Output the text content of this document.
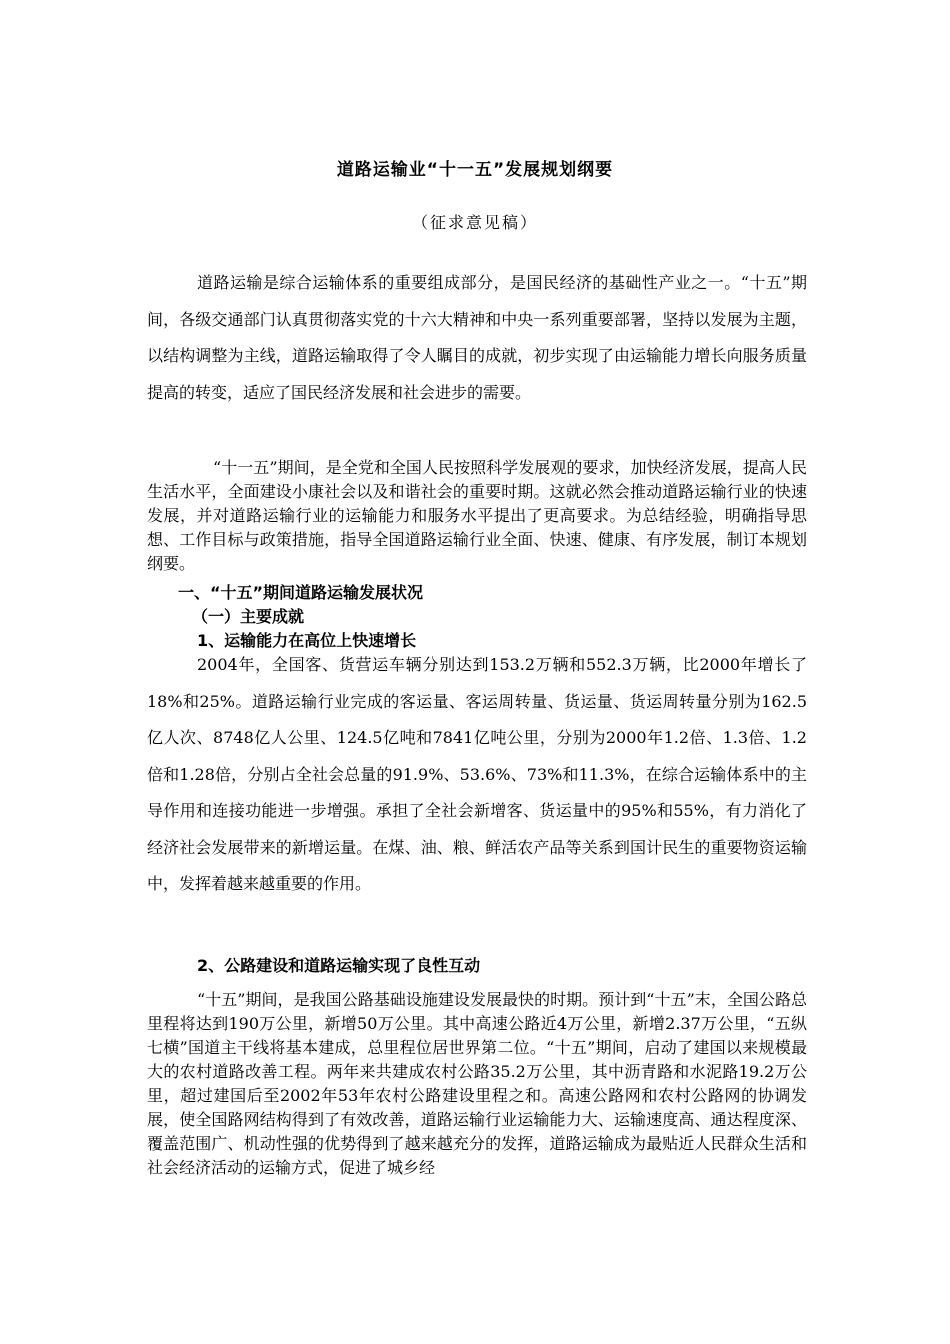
道路运输业“十一五”发展规划纲要
（征求意见稿）

道路运输是综合运输体系的重要组成部分，是国民经济的基础性产业之一。“十五”期间，各级交通部门认真贯彻落实党的十六大精神和中央一系列重要部署，坚持以发展为主题，以结构调整为主线，道路运输取得了令人瞩目的成就，初步实现了由运输能力增长向服务质量提高的转变，适应了国民经济发展和社会进步的需要。

“十一五”期间，是全党和全国人民按照科学发展观的要求，加快经济发展，提高人民生活水平，全面建设小康社会以及和谐社会的重要时期。这就必然会推动道路运输行业的快速发展，并对道路运输行业的运输能力和服务水平提出了更高要求。为总结经验，明确指导思想、工作目标与政策措施，指导全国道路运输行业全面、快速、健康、有序发展，制订本规划纲要。

一、“十五”期间道路运输发展状况
（一）主要成就
1、运输能力在高位上快速增长

2004年，全国客、货营运车辆分别达到153.2万辆和552.3万辆，比2000年增长了18%和25%。道路运输行业完成的客运量、客运周转量、货运量、货运周转量分别为162.5亿人次、8748亿人公里、124.5亿吨和7841亿吨公里，分别为2000年1.2倍、1.3倍、1.2倍和1.28倍，分别占全社会总量的91.9%、53.6%、73%和11.3%，在综合运输体系中的主导作用和连接功能进一步增强。承担了全社会新增客、货运量中的95%和55%，有力消化了经济社会发展带来的新增运量。在煤、油、粮、鲜活农产品等关系到国计民生的重要物资运输中，发挥着越来越重要的作用。

2、公路建设和道路运输实现了良性互动

“十五”期间，是我国公路基础设施建设发展最快的时期。预计到“十五”末，全国公路总里程将达到190万公里，新增50万公里。其中高速公路近4万公里，新增2.37万公里，“五纵七横”国道主干线将基本建成，总里程位居世界第二位。“十五”期间，启动了建国以来规模最大的农村道路改善工程。两年来共建成农村公路35.2万公里，其中沥青路和水泥路19.2万公里，超过建国后至2002年53年农村公路建设里程之和。高速公路网和农村公路网的协调发展，使全国路网结构得到了有效改善，道路运输行业运输能力大、运输速度高、通达程度深、覆盖范围广、机动性强的优势得到了越来越充分的发挥，道路运输成为最贴近人民群众生活和社会经济活动的运输方式，促进了城乡经
